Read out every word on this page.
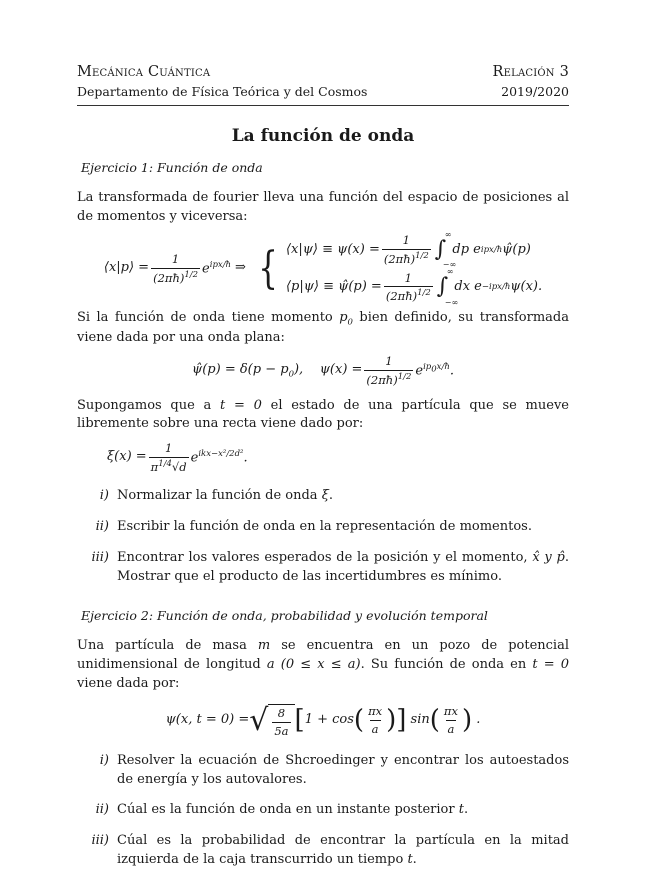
Mecánica Cuántica	Relación 3
Departamento de Física Teórica y del Cosmos	2019/2020
La función de onda
Ejercicio 1: Función de onda

La transformada de fourier lleva una función del espacio de posiciones al de momentos y viceversa:

⟨x|p⟩ = $\frac{1}{(2\pi ħ)^{1/2}} e^{ipx/ħ}$ ⇒ { ⟨x|ψ⟩ ≡ $\psi(x) = \frac{1}{(2\pi ħ)^{1/2}}$ ∫
∞
−∞
dp e ipx/ħ ψ̂(p)
⟨p|ψ⟩ ≡ ψ̂(p) = $\frac{1}{(2\pi ħ)^{1/2}}$ ∫
∞
−∞
dx e −ipx/ħ ψ(x).

Si la función de onda tiene momento $p_0$ bien definido, su transformada viene dada por una onda plana:

ψ̂(p) = $\delta(p - p_0)$,    $\psi(x) = \frac{1}{(2\pi ħ)^{1/2}} e^{ip_0x/ħ}$.

Supongamos que a t = 0 el estado de una partícula que se mueve libremente sobre una recta viene dado por:

$\xi(x) = \frac{1}{\pi^{1/4}√d} e^{ikx-x^2/2d^2}$.
i) Normalizar la función de onda ξ.
ii) Escribir la función de onda en la representación de momentos.
iii) Encontrar los valores esperados de la posición y el momento, x̂ y p̂. Mostrar que el producto de las incertidumbres es mínimo.
Ejercicio 2: Función de onda, probabilidad y evolución temporal

Una partícula de masa m se encuentra en un pozo de potencial unidimensional de longitud a (0 ≤ x ≤ a). Su función de onda en t = 0 viene dada por:

ψ(x, t = 0) = √ $\frac{8}{5a}$ [ 1 + cos ( $\frac{\pi x}{a}$ ) ] sin ( $\frac{\pi x}{a}$ ) .
i) Resolver la ecuación de Shcroedinger y encontrar los autoestados de energía y los autovalores.
ii) Cúal es la función de onda en un instante posterior t.
iii) Cúal es la probabilidad de encontrar la partícula en la mitad izquierda de la caja transcurrido un tiempo t.
